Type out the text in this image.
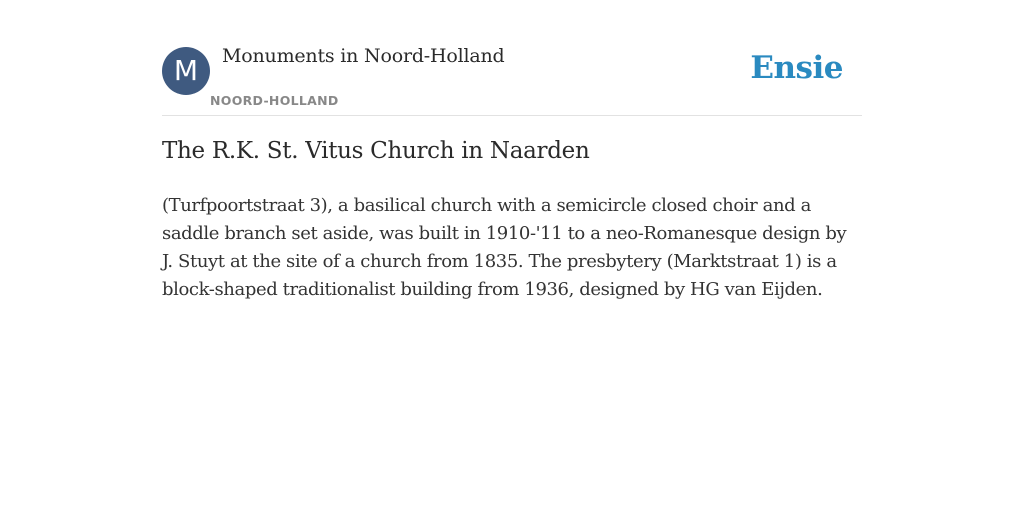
M	Monuments in Noord-Holland
NOORD-HOLLAND
Ensie
The R.K. St. Vitus Church in Naarden

(Turfpoortstraat 3), a basilical church with a semicircle closed choir and a saddle branch set aside, was built in 1910-'11 to a neo-Romanesque design by J. Stuyt at the site of a church from 1835. The presbytery (Marktstraat 1) is a block-shaped traditionalist building from 1936, designed by HG van Eijden.
